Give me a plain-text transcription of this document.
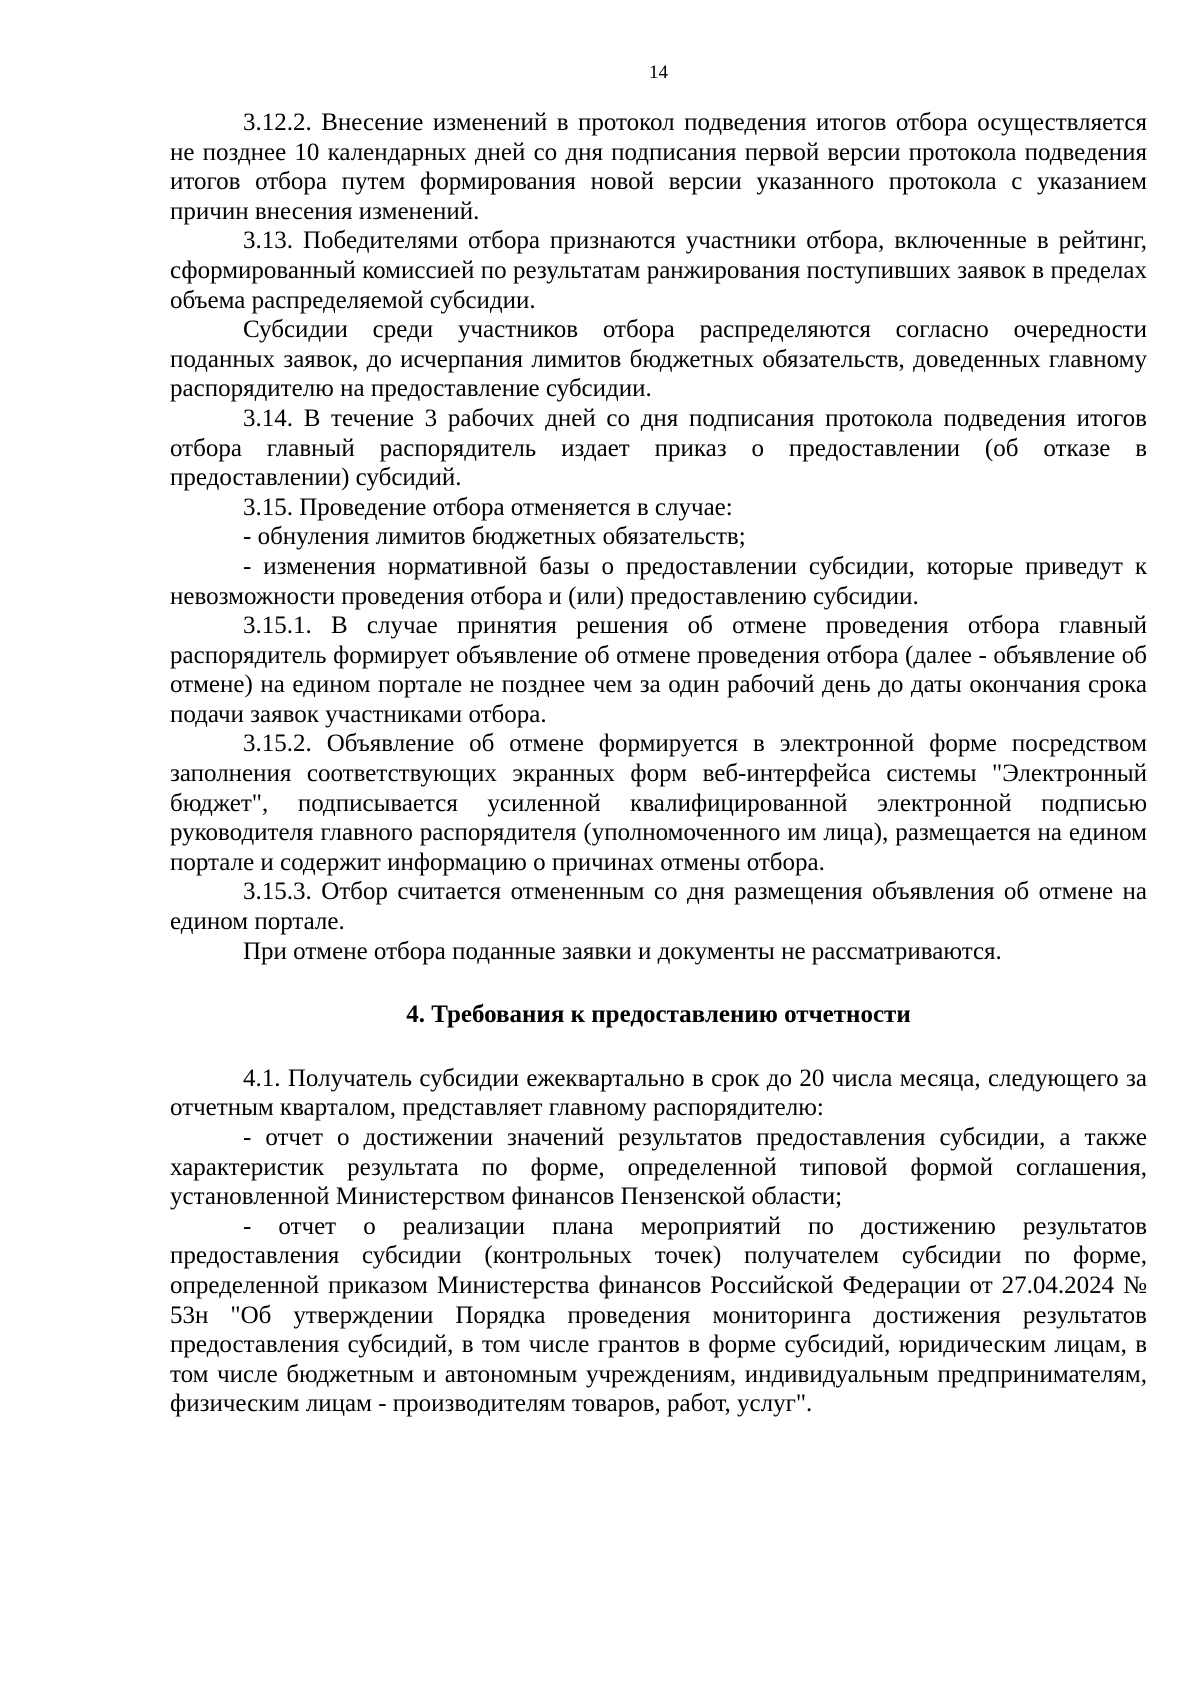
14

3.12.2. Внесение изменений в протокол подведения итогов отбора осуществляется не позднее 10 календарных дней со дня подписания первой версии протокола подведения итогов отбора путем формирования новой версии указанного протокола с указанием причин внесения изменений.

3.13. Победителями отбора признаются участники отбора, включенные в рейтинг, сформированный комиссией по результатам ранжирования поступивших заявок в пределах объема распределяемой субсидии.

Субсидии среди участников отбора распределяются согласно очередности поданных заявок, до исчерпания лимитов бюджетных обязательств, доведенных главному распорядителю на предоставление субсидии.

3.14. В течение 3 рабочих дней со дня подписания протокола подведения итогов отбора главный распорядитель издает приказ о предоставлении (об отказе в предоставлении) субсидий.

3.15. Проведение отбора отменяется в случае:

- обнуления лимитов бюджетных обязательств;

- изменения нормативной базы о предоставлении субсидии, которые приведут к невозможности проведения отбора и (или) предоставлению субсидии.

3.15.1. В случае принятия решения об отмене проведения отбора главный распорядитель формирует объявление об отмене проведения отбора (далее - объявление об отмене) на едином портале не позднее чем за один рабочий день до даты окончания срока подачи заявок участниками отбора.

3.15.2. Объявление об отмене формируется в электронной форме посредством заполнения соответствующих экранных форм веб-интерфейса системы "Электронный бюджет", подписывается усиленной квалифицированной электронной подписью руководителя главного распорядителя (уполномоченного им лица), размещается на едином портале и содержит информацию о причинах отмены отбора.

3.15.3. Отбор считается отмененным со дня размещения объявления об отмене на едином портале.

При отмене отбора поданные заявки и документы не рассматриваются.

4. Требования к предоставлению отчетности

4.1. Получатель субсидии ежеквартально в срок до 20 числа месяца, следующего за отчетным кварталом, представляет главному распорядителю:

- отчет о достижении значений результатов предоставления субсидии, а также характеристик результата по форме, определенной типовой формой соглашения, установленной Министерством финансов Пензенской области;

- отчет о реализации плана мероприятий по достижению результатов предоставления субсидии (контрольных точек) получателем субсидии по форме, определенной приказом Министерства финансов Российской Федерации от 27.04.2024 № 53н "Об утверждении Порядка проведения мониторинга достижения результатов предоставления субсидий, в том числе грантов в форме субсидий, юридическим лицам, в том числе бюджетным и автономным учреждениям, индивидуальным предпринимателям, физическим лицам - производителям товаров, работ, услуг".
